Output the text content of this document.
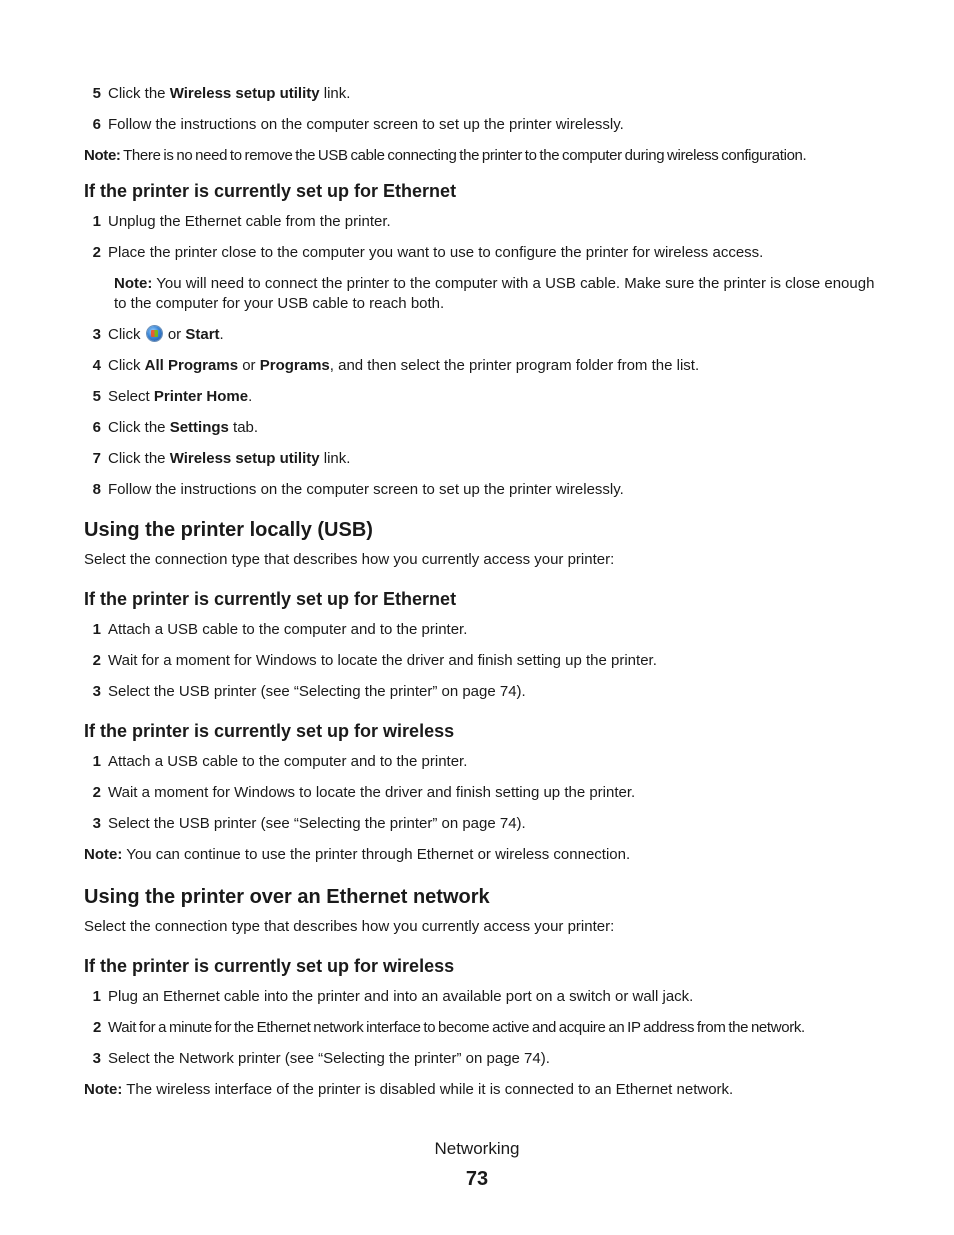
5 Click the Wireless setup utility link.
6 Follow the instructions on the computer screen to set up the printer wirelessly.
Note: There is no need to remove the USB cable connecting the printer to the computer during wireless configuration.
If the printer is currently set up for Ethernet
1 Unplug the Ethernet cable from the printer.
2 Place the printer close to the computer you want to use to configure the printer for wireless access.
Note: You will need to connect the printer to the computer with a USB cable. Make sure the printer is close enough to the computer for your USB cable to reach both.
3 Click  or Start.
4 Click All Programs or Programs, and then select the printer program folder from the list.
5 Select Printer Home.
6 Click the Settings tab.
7 Click the Wireless setup utility link.
8 Follow the instructions on the computer screen to set up the printer wirelessly.
Using the printer locally (USB)

Select the connection type that describes how you currently access your printer:

If the printer is currently set up for Ethernet
1 Attach a USB cable to the computer and to the printer.
2 Wait for a moment for Windows to locate the driver and finish setting up the printer.
3 Select the USB printer (see “Selecting the printer” on page 74).
If the printer is currently set up for wireless
1 Attach a USB cable to the computer and to the printer.
2 Wait a moment for Windows to locate the driver and finish setting up the printer.
3 Select the USB printer (see “Selecting the printer” on page 74).
Note: You can continue to use the printer through Ethernet or wireless connection.
Using the printer over an Ethernet network

Select the connection type that describes how you currently access your printer:

If the printer is currently set up for wireless
1 Plug an Ethernet cable into the printer and into an available port on a switch or wall jack.
2 Wait for a minute for the Ethernet network interface to become active and acquire an IP address from the network.
3 Select the Network printer (see “Selecting the printer” on page 74).
Note: The wireless interface of the printer is disabled while it is connected to an Ethernet network.
Networking
73
